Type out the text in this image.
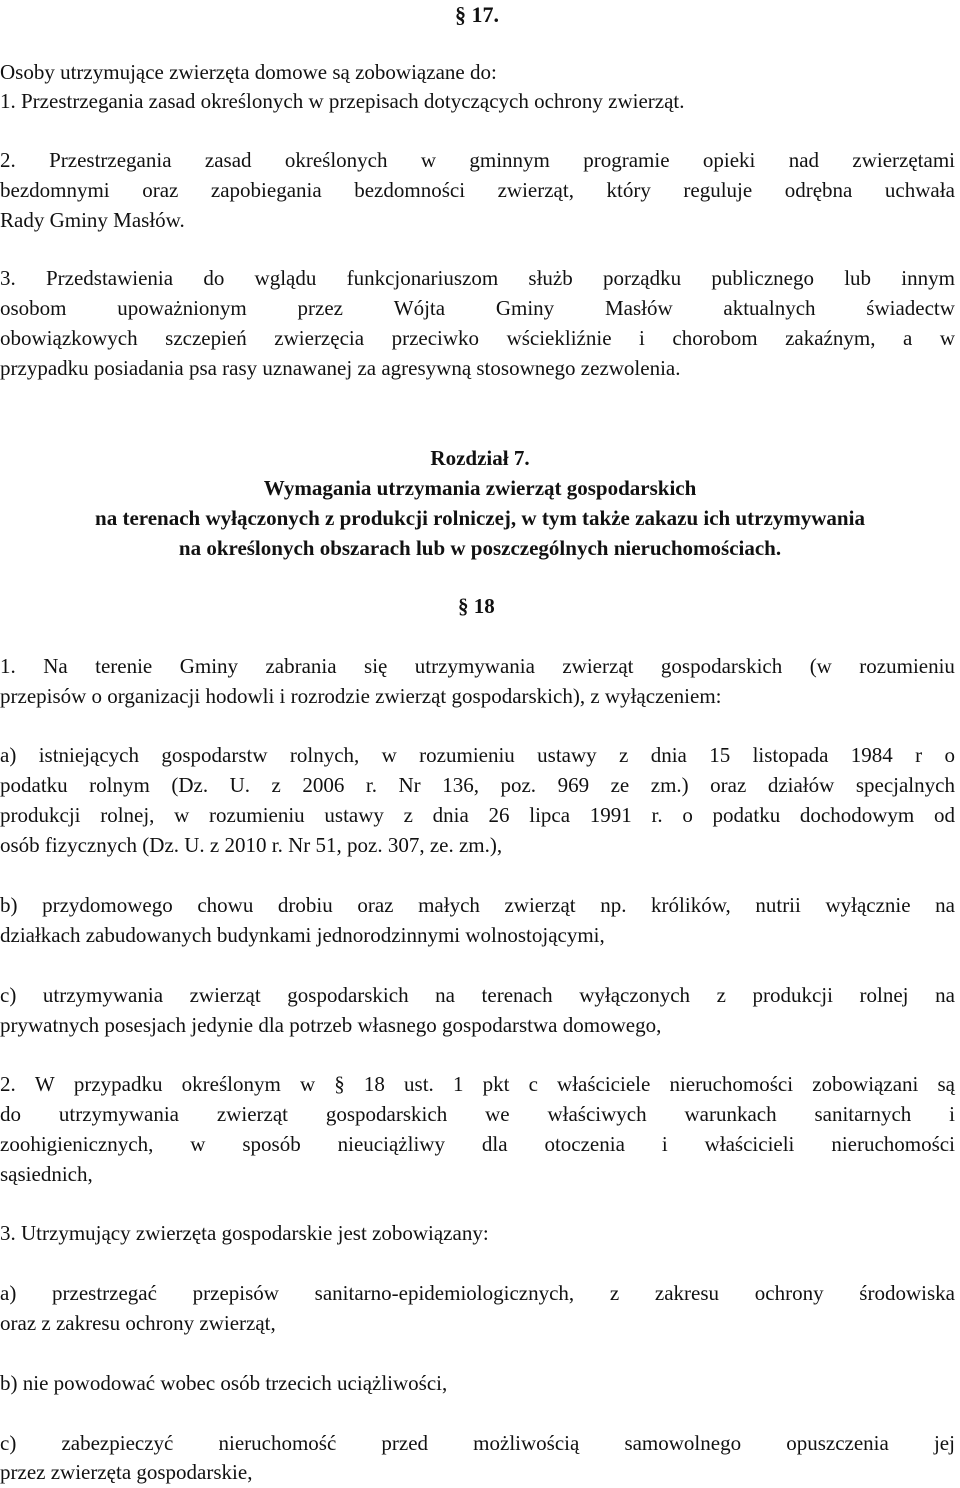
§ 17.
Osoby utrzymujące zwierzęta domowe są zobowiązane do:
1. Przestrzegania zasad określonych w przepisach dotyczących ochrony zwierząt.
2. Przestrzegania zasad określonych w gminnym programie opieki nad zwierzętami
bezdomnymi oraz zapobiegania bezdomności zwierząt, który reguluje odrębna uchwała
Rady Gminy Masłów.
3. Przedstawienia do wglądu funkcjonariuszom służb porządku publicznego lub innym
osobom upoważnionym przez Wójta Gminy Masłów aktualnych świadectw
obowiązkowych szczepień zwierzęcia przeciwko wściekliźnie i chorobom zakaźnym, a w
przypadku posiadania psa rasy uznawanej za agresywną stosownego zezwolenia.
Rozdział 7.
Wymagania utrzymania zwierząt gospodarskich
na terenach wyłączonych z produkcji rolniczej, w tym także zakazu ich utrzymywania
na określonych obszarach lub w poszczególnych nieruchomościach.
§ 18
1. Na terenie Gminy zabrania się utrzymywania zwierząt gospodarskich (w rozumieniu
przepisów o organizacji hodowli i rozrodzie zwierząt gospodarskich), z wyłączeniem:
a) istniejących gospodarstw rolnych, w rozumieniu ustawy z dnia 15 listopada 1984 r o
podatku rolnym (Dz. U. z 2006 r. Nr 136, poz. 969 ze zm.) oraz działów specjalnych
produkcji rolnej, w rozumieniu ustawy z dnia 26 lipca 1991 r. o podatku dochodowym od
osób fizycznych (Dz. U. z 2010 r. Nr 51, poz. 307, ze. zm.),
b) przydomowego chowu drobiu oraz małych zwierząt np. królików, nutrii wyłącznie na
działkach zabudowanych budynkami jednorodzinnymi wolnostojącymi,
c) utrzymywania zwierząt gospodarskich na terenach wyłączonych z produkcji rolnej na
prywatnych posesjach jedynie dla potrzeb własnego gospodarstwa domowego,
2. W przypadku określonym w § 18 ust. 1 pkt c właściciele nieruchomości zobowiązani są
do utrzymywania zwierząt gospodarskich we właściwych warunkach sanitarnych i
zoohigienicznych, w sposób nieuciążliwy dla otoczenia i właścicieli nieruchomości
sąsiednich,
3. Utrzymujący zwierzęta gospodarskie jest zobowiązany:
a) przestrzegać przepisów sanitarno-epidemiologicznych, z zakresu ochrony środowiska
oraz z zakresu ochrony zwierząt,
b) nie powodować wobec osób trzecich uciążliwości,
c) zabezpieczyć nieruchomość przed możliwością samowolnego opuszczenia jej
przez zwierzęta gospodarskie,
